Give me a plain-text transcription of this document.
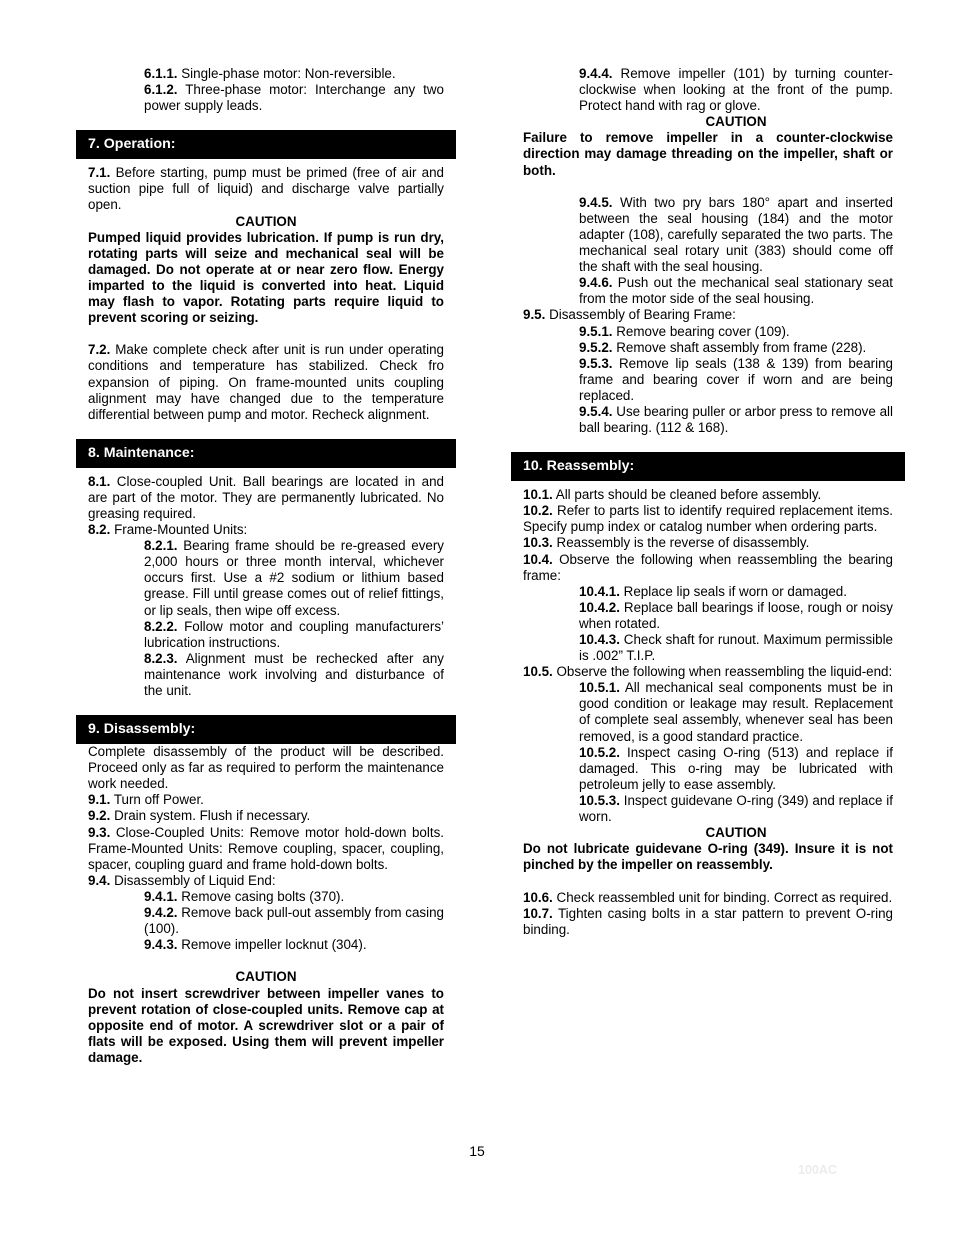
6.1.1. Single-phase motor: Non-reversible.

6.1.2. Three-phase motor: Interchange any two power supply leads.

7. Operation:

7.1. Before starting, pump must be primed (free of air and suction pipe full of liquid) and discharge valve partially open.

CAUTION

Pumped liquid provides lubrication. If pump is run dry, rotating parts will seize and mechanical seal will be damaged. Do not operate at or near zero flow. Energy imparted to the liquid is converted into heat. Liquid may flash to vapor. Rotating parts require liquid to prevent scoring or seizing.

7.2. Make complete check after unit is run under operating conditions and temperature has stabilized. Check fro expansion of piping. On frame-mounted units coupling alignment may have changed due to the temperature differential between pump and motor. Recheck alignment.

8. Maintenance:

8.1. Close-coupled Unit. Ball bearings are located in and are part of the motor. They are permanently lubricated. No greasing required.

8.2. Frame-Mounted Units:

8.2.1. Bearing frame should be re-greased every 2,000 hours or three month interval, whichever occurs first. Use a #2 sodium or lithium based grease. Fill until grease comes out of relief fittings, or lip seals, then wipe off excess.

8.2.2. Follow motor and coupling manufacturers’ lubrication instructions.

8.2.3. Alignment must be rechecked after any maintenance work involving and disturbance of the unit.

9. Disassembly:

Complete disassembly of the product will be described. Proceed only as far as required to perform the maintenance work needed.

9.1. Turn off Power.

9.2. Drain system. Flush if necessary.

9.3. Close-Coupled Units: Remove motor hold-down bolts. Frame-Mounted Units: Remove coupling, spacer, coupling, spacer, coupling guard and frame hold-down bolts.

9.4. Disassembly of Liquid End:

9.4.1. Remove casing bolts (370).

9.4.2. Remove back pull-out assembly from casing (100).

9.4.3. Remove impeller locknut (304).

CAUTION

Do not insert screwdriver between impeller vanes to prevent rotation of close-coupled units. Remove cap at opposite end of motor. A screwdriver slot or a pair of flats will be exposed. Using them will prevent impeller damage.

9.4.4. Remove impeller (101) by turning counter-clockwise when looking at the front of the pump. Protect hand with rag or glove.

CAUTION

Failure to remove impeller in a counter-clockwise direction may damage threading on the impeller, shaft or both.

9.4.5. With two pry bars 180° apart and inserted between the seal housing (184) and the motor adapter (108), carefully separated the two parts. The mechanical seal rotary unit (383) should come off the shaft with the seal housing.

9.4.6. Push out the mechanical seal stationary seat from the motor side of the seal housing.

9.5. Disassembly of Bearing Frame:

9.5.1. Remove bearing cover (109).

9.5.2. Remove shaft assembly from frame (228).

9.5.3. Remove lip seals (138 & 139) from bearing frame and bearing cover if worn and are being replaced.

9.5.4. Use bearing puller or arbor press to remove all ball bearing. (112 & 168).

10. Reassembly:

10.1. All parts should be cleaned before assembly.

10.2. Refer to parts list to identify required replacement items. Specify pump index or catalog number when ordering parts.

10.3. Reassembly is the reverse of disassembly.

10.4. Observe the following when reassembling the bearing frame:

10.4.1. Replace lip seals if worn or damaged.

10.4.2. Replace ball bearings if loose, rough or noisy when rotated.

10.4.3. Check shaft for runout. Maximum permissible is .002” T.I.P.

10.5. Observe the following when reassembling the liquid-end:

10.5.1. All mechanical seal components must be in good condition or leakage may result. Replacement of complete seal assembly, whenever seal has been removed, is a good standard practice.

10.5.2. Inspect casing O-ring (513) and replace if damaged. This o-ring may be lubricated with petroleum jelly to ease assembly.

10.5.3. Inspect guidevane O-ring (349) and replace if worn.

CAUTION

Do not lubricate guidevane O-ring (349). Insure it is not pinched by the impeller on reassembly.

10.6. Check reassembled unit for binding. Correct as required.

10.7. Tighten casing bolts in a star pattern to prevent O-ring binding.

15
100AC
